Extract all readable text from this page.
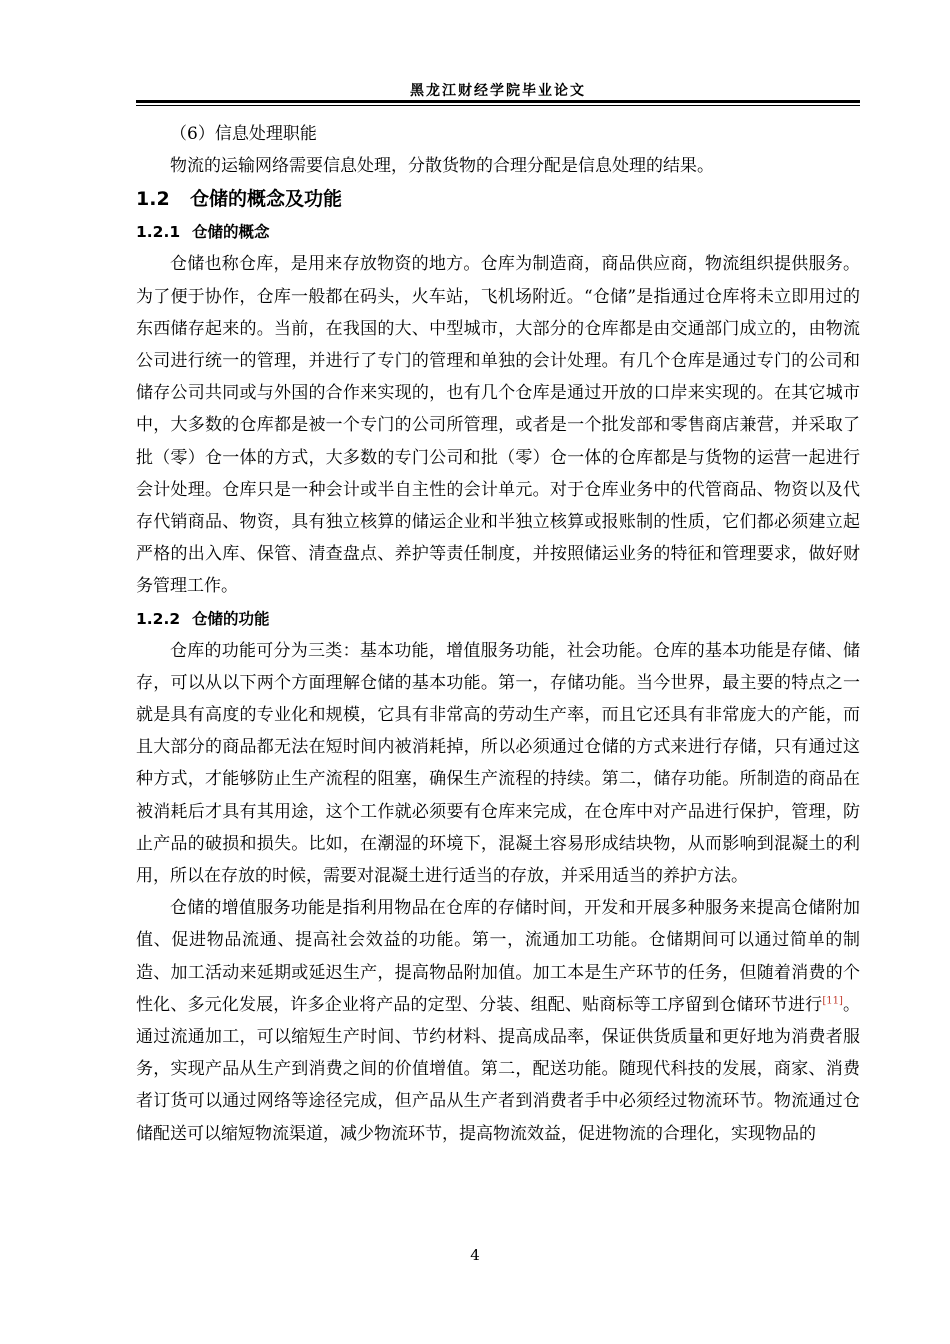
黑龙江财经学院毕业论文

（6）信息处理职能

物流的运输网络需要信息处理，分散货物的合理分配是信息处理的结果。

1.2 仓储的概念及功能
1.2.1 仓储的概念

仓储也称仓库，是用来存放物资的地方。仓库为制造商，商品供应商，物流组织提供服务。为了便于协作，仓库一般都在码头，火车站，飞机场附近。“仓储”是指通过仓库将未立即用过的东西储存起来的。当前，在我国的大、中型城市，大部分的仓库都是由交通部门成立的，由物流公司进行统一的管理，并进行了专门的管理和单独的会计处理。有几个仓库是通过专门的公司和储存公司共同或与外国的合作来实现的，也有几个仓库是通过开放的口岸来实现的。在其它城市中，大多数的仓库都是被一个专门的公司所管理，或者是一个批发部和零售商店兼营，并采取了批（零）仓一体的方式，大多数的专门公司和批（零）仓一体的仓库都是与货物的运营一起进行会计处理。仓库只是一种会计或半自主性的会计单元。对于仓库业务中的代管商品、物资以及代存代销商品、物资，具有独立核算的储运企业和半独立核算或报账制的性质，它们都必须建立起严格的出入库、保管、清查盘点、养护等责任制度，并按照储运业务的特征和管理要求，做好财务管理工作。

1.2.2 仓储的功能

仓库的功能可分为三类：基本功能，增值服务功能，社会功能。仓库的基本功能是存储、储存，可以从以下两个方面理解仓储的基本功能。第一，存储功能。当今世界，最主要的特点之一就是具有高度的专业化和规模，它具有非常高的劳动生产率，而且它还具有非常庞大的产能，而且大部分的商品都无法在短时间内被消耗掉，所以必须通过仓储的方式来进行存储，只有通过这种方式，才能够防止生产流程的阻塞，确保生产流程的持续。第二，储存功能。所制造的商品在被消耗后才具有其用途，这个工作就必须要有仓库来完成，在仓库中对产品进行保护，管理，防止产品的破损和损失。比如，在潮湿的环境下，混凝土容易形成结块物，从而影响到混凝土的利用，所以在存放的时候，需要对混凝土进行适当的存放，并采用适当的养护方法。

仓储的增值服务功能是指利用物品在仓库的存储时间，开发和开展多种服务来提高仓储附加值、促进物品流通、提高社会效益的功能。第一，流通加工功能。仓储期间可以通过简单的制造、加工活动来延期或延迟生产，提高物品附加值。加工本是生产环节的任务，但随着消费的个性化、多元化发展，许多企业将产品的定型、分装、组配、贴商标等工序留到仓储环节进行[11]。通过流通加工，可以缩短生产时间、节约材料、提高成品率，保证供货质量和更好地为消费者服务，实现产品从生产到消费之间的价值增值。第二，配送功能。随现代科技的发展，商家、消费者订货可以通过网络等途径完成，但产品从生产者到消费者手中必须经过物流环节。物流通过仓储配送可以缩短物流渠道，减少物流环节，提高物流效益，促进物流的合理化，实现物品的

4
